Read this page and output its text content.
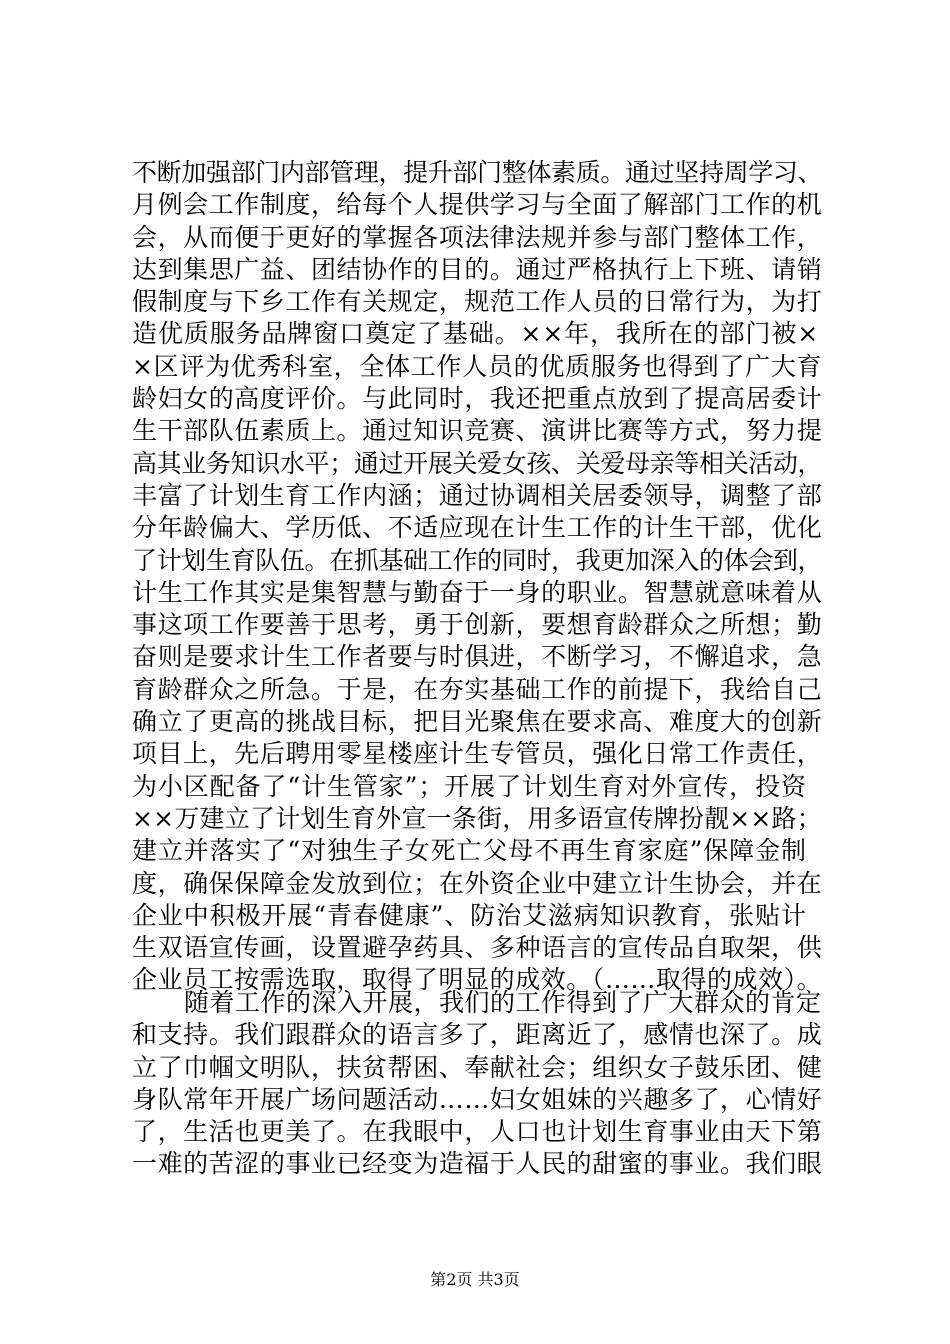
不断加强部门内部管理，提升部门整体素质。通过坚持周学习、
月例会工作制度，给每个人提供学习与全面了解部门工作的机
会，从而便于更好的掌握各项法律法规并参与部门整体工作，
达到集思广益、团结协作的目的。通过严格执行上下班、请销
假制度与下乡工作有关规定，规范工作人员的日常行为，为打
造优质服务品牌窗口奠定了基础。××年，我所在的部门被×
×区评为优秀科室，全体工作人员的优质服务也得到了广大育
龄妇女的高度评价。与此同时，我还把重点放到了提高居委计
生干部队伍素质上。通过知识竞赛、演讲比赛等方式，努力提
高其业务知识水平；通过开展关爱女孩、关爱母亲等相关活动，
丰富了计划生育工作内涵；通过协调相关居委领导，调整了部
分年龄偏大、学历低、不适应现在计生工作的计生干部，优化
了计划生育队伍。在抓基础工作的同时，我更加深入的体会到，
计生工作其实是集智慧与勤奋于一身的职业。智慧就意味着从
事这项工作要善于思考，勇于创新，要想育龄群众之所想；勤
奋则是要求计生工作者要与时俱进，不断学习，不懈追求，急
育龄群众之所急。于是，在夯实基础工作的前提下，我给自己
确立了更高的挑战目标，把目光聚焦在要求高、难度大的创新
项目上，先后聘用零星楼座计生专管员，强化日常工作责任，
为小区配备了“计生管家”；开展了计划生育对外宣传，投资
××万建立了计划生育外宣一条街，用多语宣传牌扮靓××路；
建立并落实了“对独生子女死亡父母不再生育家庭”保障金制
度，确保保障金发放到位；在外资企业中建立计生协会，并在
企业中积极开展“青春健康”、防治艾滋病知识教育，张贴计
生双语宣传画，设置避孕药具、多种语言的宣传品自取架，供
企业员工按需选取，取得了明显的成效。（……取得的成效）。
随着工作的深入开展，我们的工作得到了广大群众的肯定
和支持。我们跟群众的语言多了，距离近了，感情也深了。成
立了巾帼文明队，扶贫帮困、奉献社会；组织女子鼓乐团、健
身队常年开展广场问题活动……妇女姐妹的兴趣多了，心情好
了，生活也更美了。在我眼中，人口也计划生育事业由天下第
一难的苦涩的事业已经变为造福于人民的甜蜜的事业。我们眼
第2页 共3页
